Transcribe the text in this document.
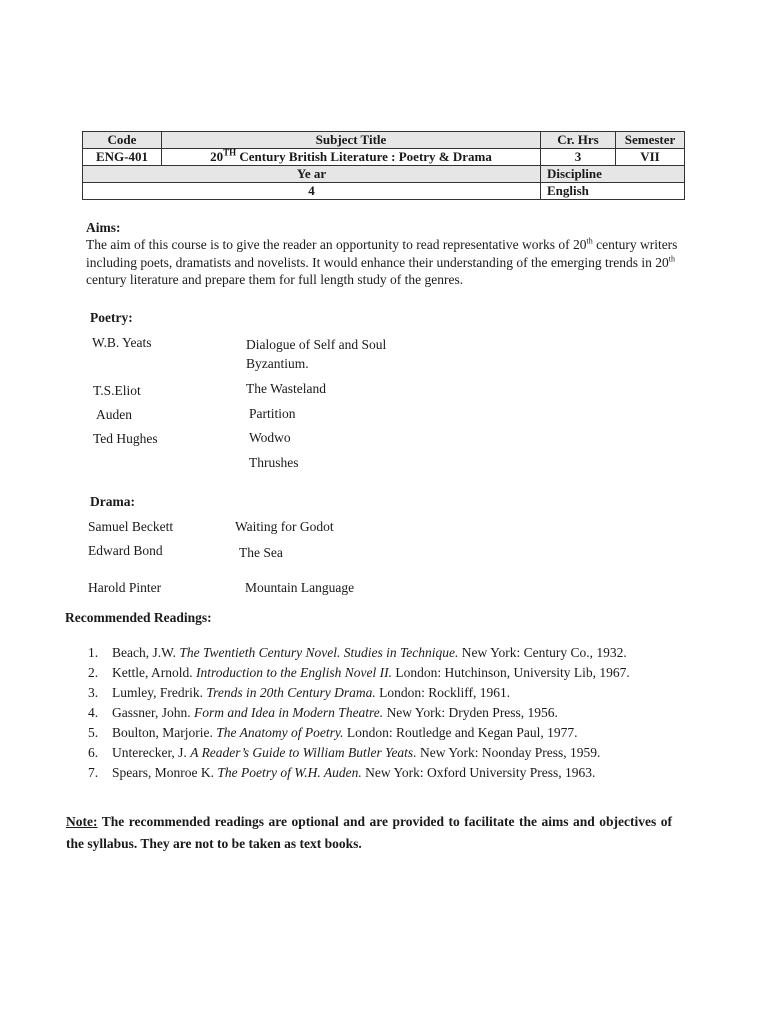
Code	Subject Title	Cr. Hrs	Semester
ENG-401	20TH Century British Literature : Poetry & Drama	3	VII
Ye ar		Discipline	
4		English	
Aims:
The aim of this course is to give the reader an opportunity to read representative works of 20th century writers
including poets, dramatists and novelists. It would enhance their understanding of the emerging trends in 20th
century literature and prepare them for full length study of the genres.
Poetry:
W.B. Yeats	Dialogue of Self and Soul
Byzantium.
T.S.Eliot	The Wasteland
Auden	Partition
Ted Hughes	Wodwo
Thrushes
Drama:
Samuel Beckett	Waiting for Godot
Edward Bond	The Sea
Harold Pinter	Mountain Language
Recommended Readings:
1. Beach, J.W. The Twentieth Century Novel. Studies in Technique. New York: Century Co., 1932.
2. Kettle, Arnold. Introduction to the English Novel II. London: Hutchinson, University Lib, 1967.
3. Lumley, Fredrik. Trends in 20th Century Drama. London: Rockliff, 1961.
4. Gassner, John. Form and Idea in Modern Theatre. New York: Dryden Press, 1956.
5. Boulton, Marjorie. The Anatomy of Poetry. London: Routledge and Kegan Paul, 1977.
6. Unterecker, J. A Reader’s Guide to William Butler Yeats. New York: Noonday Press, 1959.
7. Spears, Monroe K. The Poetry of W.H. Auden. New York: Oxford University Press, 1963.
Note: The recommended readings are optional and are provided to facilitate the aims and objectives of the syllabus. They are not to be taken as text books.
